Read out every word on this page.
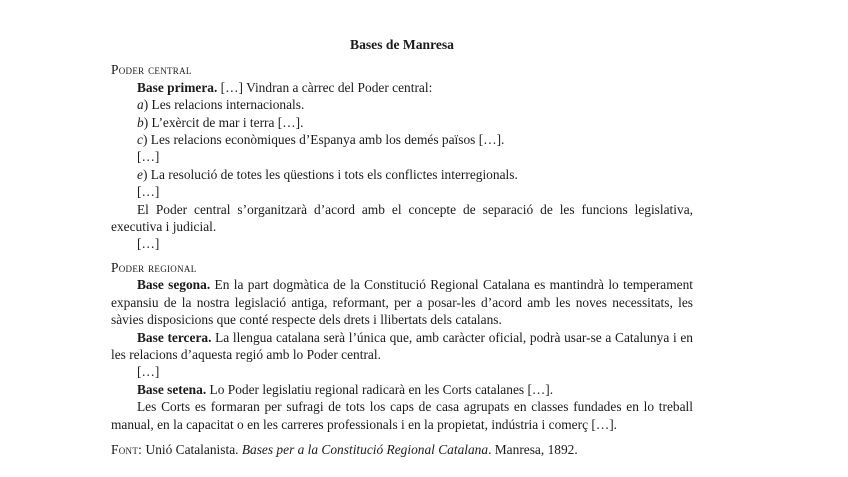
Bases de Manresa
Poder central

Base primera. […] Vindran a càrrec del Poder central:

a) Les relacions internacionals.

b) L’exèrcit de mar i terra […].

c) Les relacions econòmiques d’Espanya amb los demés països […].

[…]

e) La resolució de totes les qüestions i tots els conflictes interregionals.

[…]

El Poder central s’organitzarà d’acord amb el concepte de separació de les funcions legislativa, executiva i judicial.

[…]

Poder regional

Base segona. En la part dogmàtica de la Constitució Regional Catalana es mantindrà lo temperament expansiu de la nostra legislació antiga, reformant, per a posar-les d’acord amb les noves necessitats, les sàvies disposicions que conté respecte dels drets i llibertats dels catalans.

Base tercera. La llengua catalana serà l’única que, amb caràcter oficial, podrà usar-se a Catalunya i en les relacions d’aquesta regió amb lo Poder central.

[…]

Base setena. Lo Poder legislatiu regional radicarà en les Corts catalanes […].

Les Corts es formaran per sufragi de tots los caps de casa agrupats en classes fundades en lo treball manual, en la capacitat o en les carreres professionals i en la propietat, indústria i comerç […].

Font: Unió Catalanista. Bases per a la Constitució Regional Catalana. Manresa, 1892.
